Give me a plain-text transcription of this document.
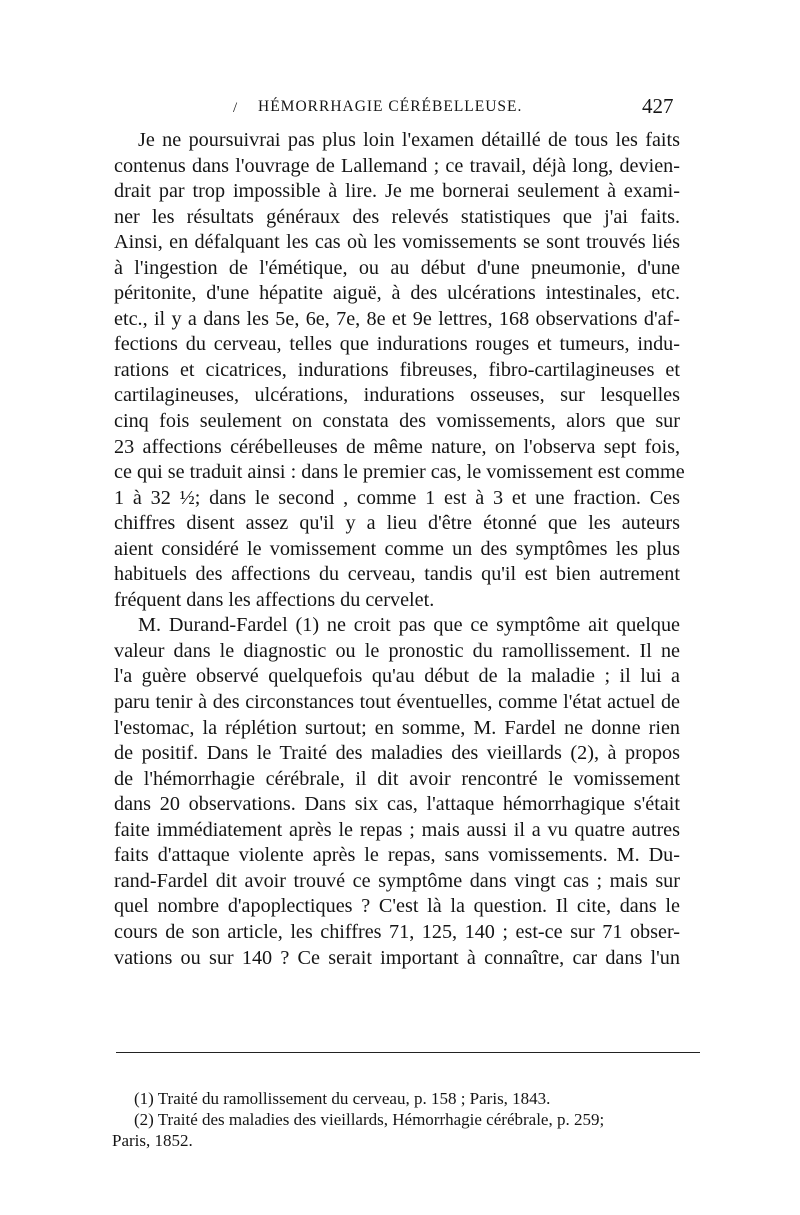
/ HÉMORRHAGIE CÉRÉBELLEUSE.	427
Je ne poursuivrai pas plus loin l'examen détaillé de tous les faits
contenus dans l'ouvrage de Lallemand ; ce travail, déjà long, devien-
drait par trop impossible à lire. Je me bornerai seulement à exami-
ner les résultats généraux des relevés statistiques que j'ai faits.
Ainsi, en défalquant les cas où les vomissements se sont trouvés liés
à l'ingestion de l'émétique, ou au début d'une pneumonie, d'une
péritonite, d'une hépatite aiguë, à des ulcérations intestinales, etc.
etc., il y a dans les 5e, 6e, 7e, 8e et 9e lettres, 168 observations d'af-
fections du cerveau, telles que indurations rouges et tumeurs, indu-
rations et cicatrices, indurations fibreuses, fibro-cartilagineuses et
cartilagineuses, ulcérations, indurations osseuses, sur lesquelles
cinq fois seulement on constata des vomissements, alors que sur
23 affections cérébelleuses de même nature, on l'observa sept fois,
ce qui se traduit ainsi : dans le premier cas, le vomissement est comme
1 à 32 ½; dans le second , comme 1 est à 3 et une fraction. Ces
chiffres disent assez qu'il y a lieu d'être étonné que les auteurs
aient considéré le vomissement comme un des symptômes les plus
habituels des affections du cerveau, tandis qu'il est bien autrement
fréquent dans les affections du cervelet.
M. Durand-Fardel (1) ne croit pas que ce symptôme ait quelque
valeur dans le diagnostic ou le pronostic du ramollissement. Il ne
l'a guère observé quelquefois qu'au début de la maladie ; il lui a
paru tenir à des circonstances tout éventuelles, comme l'état actuel de
l'estomac, la réplétion surtout; en somme, M. Fardel ne donne rien
de positif. Dans le Traité des maladies des vieillards (2), à propos
de l'hémorrhagie cérébrale, il dit avoir rencontré le vomissement
dans 20 observations. Dans six cas, l'attaque hémorrhagique s'était
faite immédiatement après le repas ; mais aussi il a vu quatre autres
faits d'attaque violente après le repas, sans vomissements. M. Du-
rand-Fardel dit avoir trouvé ce symptôme dans vingt cas ; mais sur
quel nombre d'apoplectiques ? C'est là la question. Il cite, dans le
cours de son article, les chiffres 71, 125, 140 ; est-ce sur 71 obser-
vations ou sur 140 ? Ce serait important à connaître, car dans l'un
(1) Traité du ramollissement du cerveau, p. 158 ; Paris, 1843.
(2) Traité des maladies des vieillards, Hémorrhagie cérébrale, p. 259;
Paris, 1852.
